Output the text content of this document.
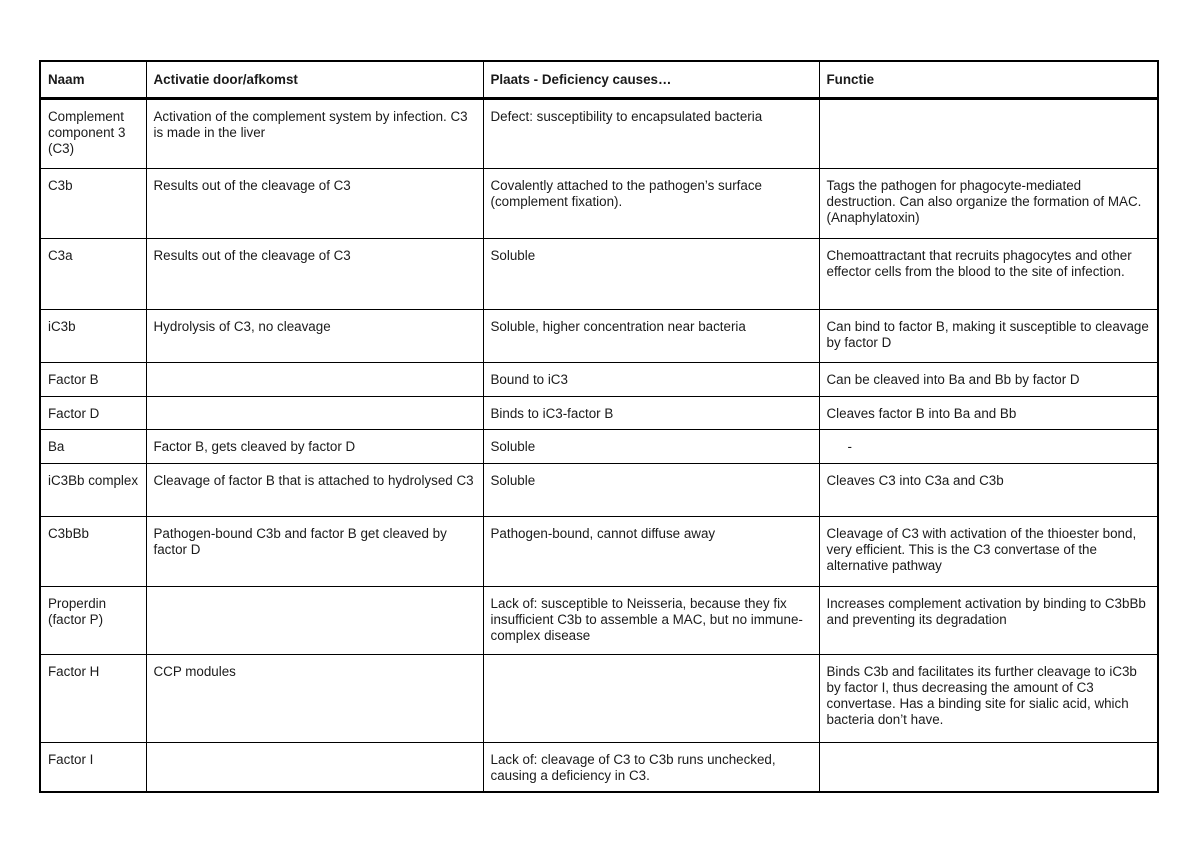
Naam	Activatie door/afkomst	Plaats - Deficiency causes…	Functie
Complement component 3 (C3)	Activation of the complement system by infection. C3 is made in the liver	Defect: susceptibility to encapsulated bacteria	
C3b	Results out of the cleavage of C3	Covalently attached to the pathogen’s surface (complement fixation).	Tags the pathogen for phagocyte-mediated destruction. Can also organize the formation of MAC. (Anaphylatoxin)
C3a	Results out of the cleavage of C3	Soluble	Chemoattractant that recruits phagocytes and other effector cells from the blood to the site of infection.
iC3b	Hydrolysis of C3, no cleavage	Soluble, higher concentration near bacteria	Can bind to factor B, making it susceptible to cleavage by factor D
Factor B		Bound to iC3	Can be cleaved into Ba and Bb by factor D
Factor D		Binds to iC3-factor B	Cleaves factor B into Ba and Bb
Ba	Factor B, gets cleaved by factor D	Soluble	-
iC3Bb complex	Cleavage of factor B that is attached to hydrolysed C3	Soluble	Cleaves C3 into C3a and C3b
C3bBb	Pathogen-bound C3b and factor B get cleaved by factor D	Pathogen-bound, cannot diffuse away	Cleavage of C3 with activation of the thioester bond, very efficient. This is the C3 convertase of the alternative pathway
Properdin (factor P)		Lack of: susceptible to Neisseria, because they fix insufficient C3b to assemble a MAC, but no immune-complex disease	Increases complement activation by binding to C3bBb and preventing its degradation
Factor H	CCP modules		Binds C3b and facilitates its further cleavage to iC3b by factor I, thus decreasing the amount of C3 convertase. Has a binding site for sialic acid, which bacteria don’t have.
Factor I		Lack of: cleavage of C3 to C3b runs unchecked, causing a deficiency in C3.	
